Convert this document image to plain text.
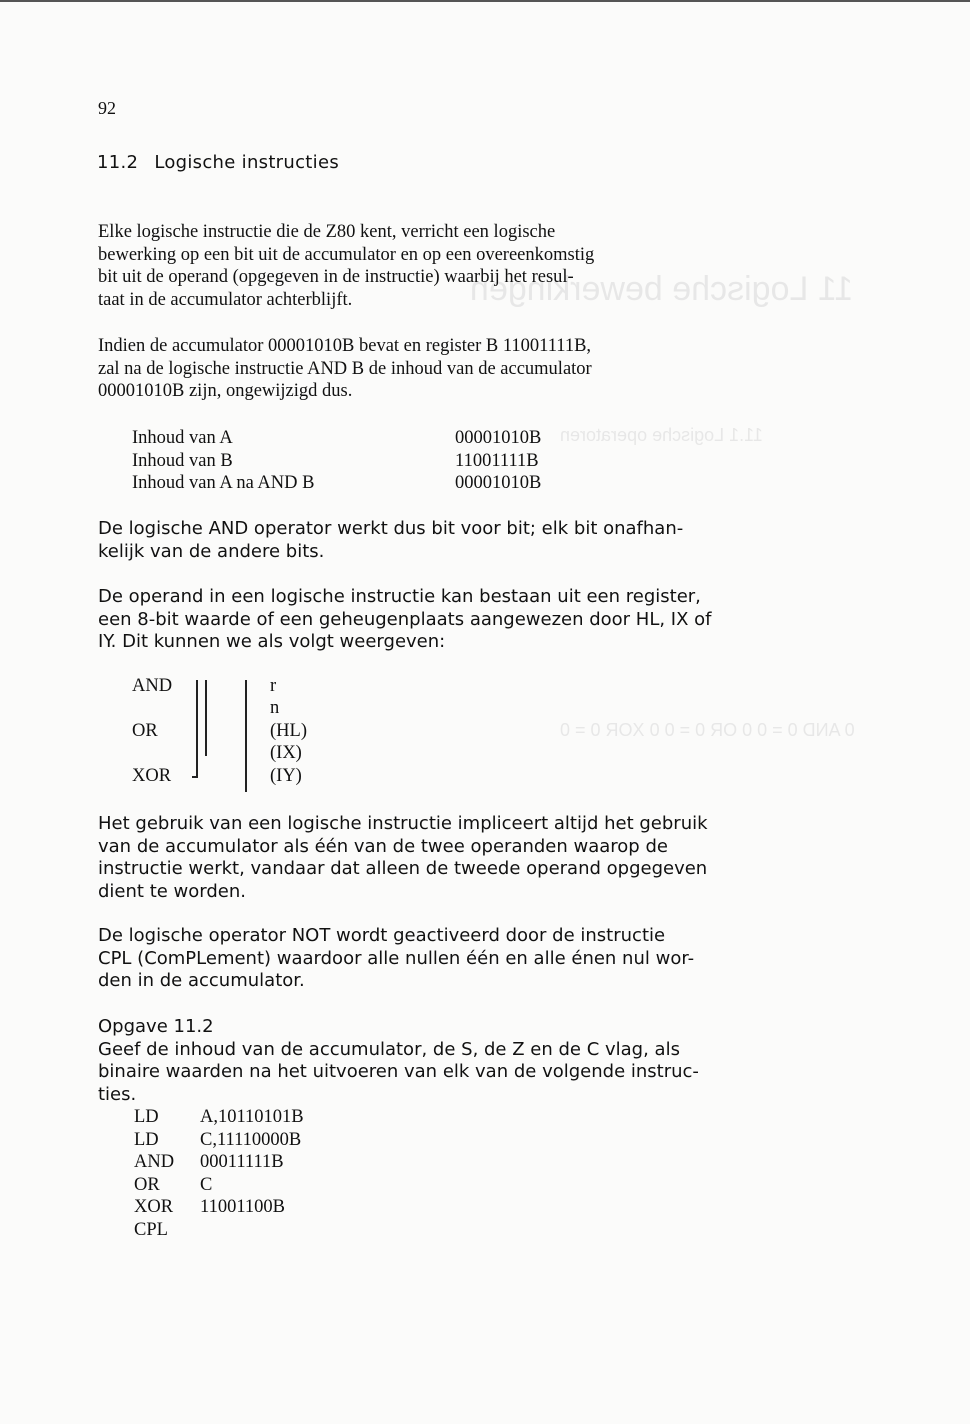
11 Logische bewerkingen
11.1 Logische operatoren
0 AND 0 = 0 0 OR 0 = 0 0 XOR 0 = 0
92
11.2 Logische instructies
Elke logische instructie die de Z80 kent, verricht een logische
bewerking op een bit uit de accumulator en op een overeenkomstig
bit uit de operand (opgegeven in de instructie) waarbij het resul-
taat in de accumulator achterblijft.
Indien de accumulator 00001010B bevat en register B 11001111B,
zal na de logische instructie AND B de inhoud van de accumulator
00001010B zijn, ongewijzigd dus.
Inhoud van A	00001010B
Inhoud van B	11001111B
Inhoud van A na AND B	00001010B
De logische AND operator werkt dus bit voor bit; elk bit onafhan-
kelijk van de andere bits.
De operand in een logische instructie kan bestaan uit een register,
een 8-bit waarde of een geheugenplaats aangewezen door HL, IX of
IY. Dit kunnen we als volgt weergeven:
AND
OR
XOR
r
n
(HL)
(IX)
(IY)
Het gebruik van een logische instructie impliceert altijd het gebruik
van de accumulator als één van de twee operanden waarop de
instructie werkt, vandaar dat alleen de tweede operand opgegeven
dient te worden.
De logische operator NOT wordt geactiveerd door de instructie
CPL (ComPLement) waardoor alle nullen één en alle énen nul wor-
den in de accumulator.
Opgave 11.2
Geef de inhoud van de accumulator, de S, de Z en de C vlag, als
binaire waarden na het uitvoeren van elk van de volgende instruc-
ties.
LD A,10110101B
LD C,11110000B
AND 00011111B
OR C
XOR 11001100B
CPL
